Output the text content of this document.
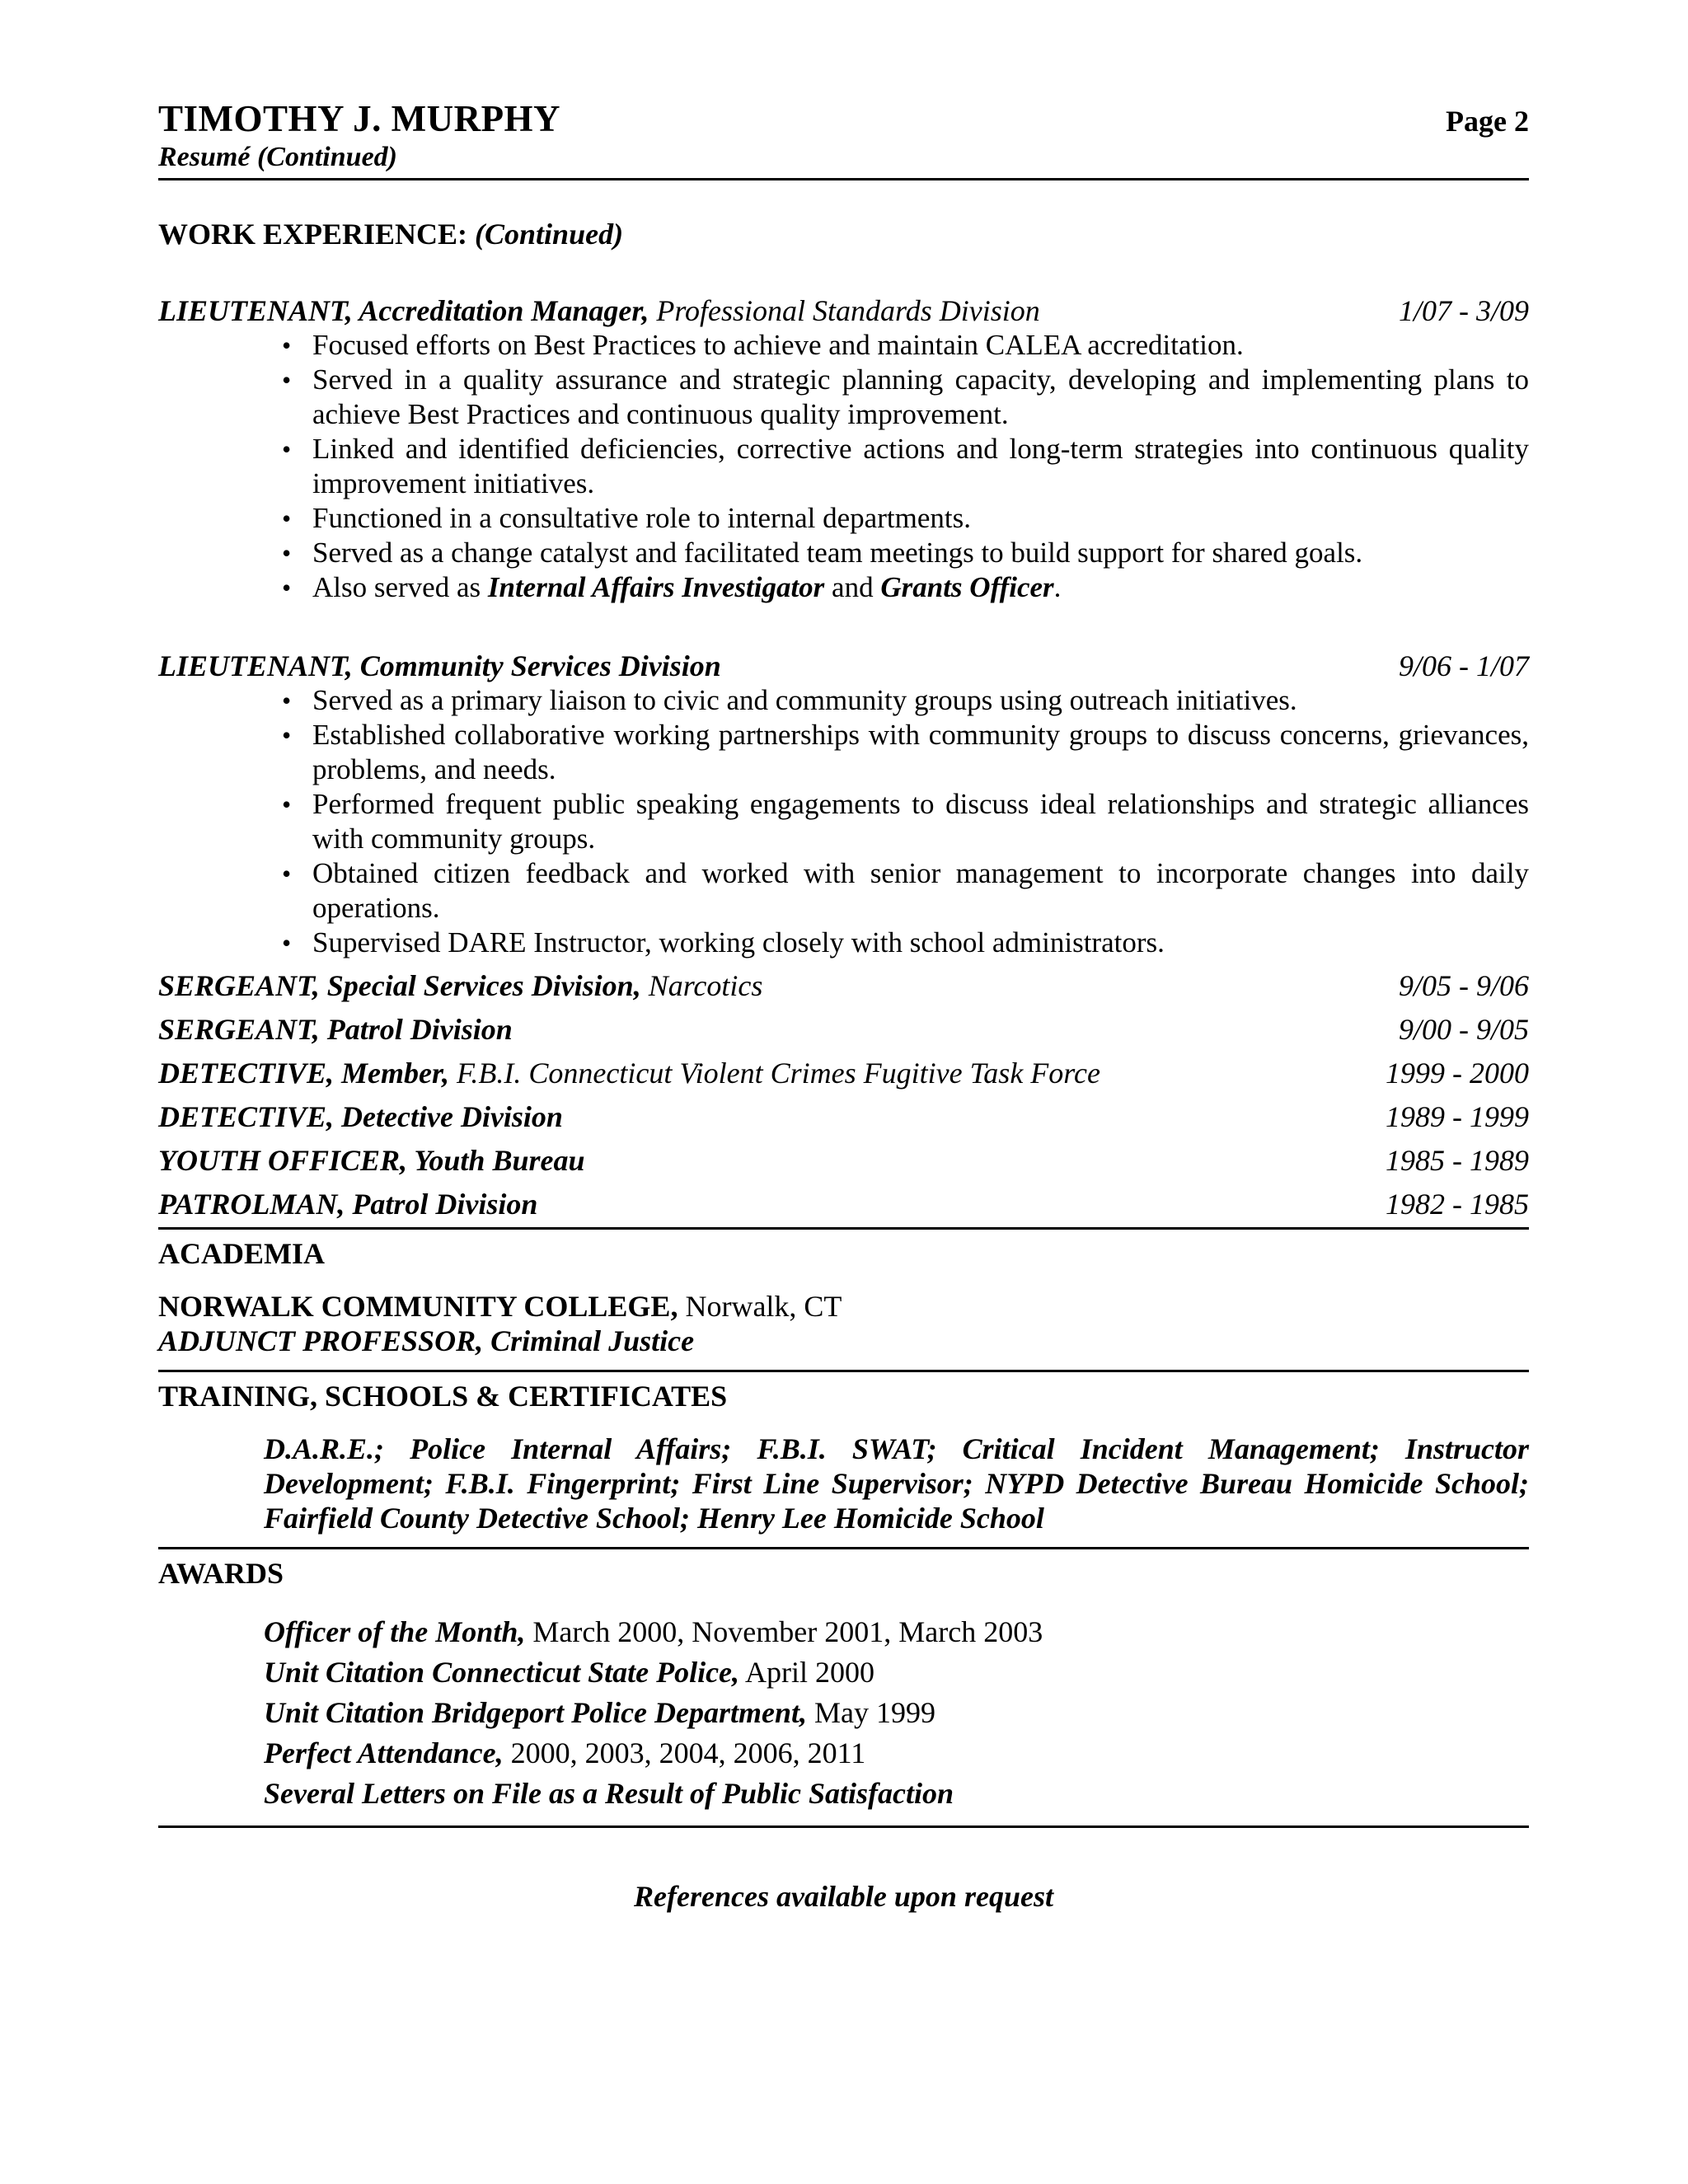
TIMOTHY J. MURPHY	Page 2
Resumé (Continued)
WORK EXPERIENCE: (Continued)
LIEUTENANT, Accreditation Manager, Professional Standards Division	1/07 - 3/09
• Focused efforts on Best Practices to achieve and maintain CALEA accreditation.
• Served in a quality assurance and strategic planning capacity, developing and implementing plans to achieve Best Practices and continuous quality improvement.
• Linked and identified deficiencies, corrective actions and long-term strategies into continuous quality improvement initiatives.
• Functioned in a consultative role to internal departments.
• Served as a change catalyst and facilitated team meetings to build support for shared goals.
• Also served as Internal Affairs Investigator and Grants Officer.
LIEUTENANT, Community Services Division	9/06 - 1/07
• Served as a primary liaison to civic and community groups using outreach initiatives.
• Established collaborative working partnerships with community groups to discuss concerns, grievances, problems, and needs.
• Performed frequent public speaking engagements to discuss ideal relationships and strategic alliances with community groups.
• Obtained citizen feedback and worked with senior management to incorporate changes into daily operations.
• Supervised DARE Instructor, working closely with school administrators.
SERGEANT, Special Services Division, Narcotics	9/05 - 9/06
SERGEANT, Patrol Division	9/00 - 9/05
DETECTIVE, Member, F.B.I. Connecticut Violent Crimes Fugitive Task Force	1999 - 2000
DETECTIVE, Detective Division	1989 - 1999
YOUTH OFFICER, Youth Bureau	1985 - 1989
PATROLMAN, Patrol Division	1982 - 1985
ACADEMIA
NORWALK COMMUNITY COLLEGE, Norwalk, CT
ADJUNCT PROFESSOR, Criminal Justice
TRAINING, SCHOOLS & CERTIFICATES
D.A.R.E.; Police Internal Affairs; F.B.I. SWAT; Critical Incident Management; Instructor Development; F.B.I. Fingerprint; First Line Supervisor; NYPD Detective Bureau Homicide School; Fairfield County Detective School; Henry Lee Homicide School
AWARDS
Officer of the Month, March 2000, November 2001, March 2003
Unit Citation Connecticut State Police, April 2000
Unit Citation Bridgeport Police Department, May 1999
Perfect Attendance, 2000, 2003, 2004, 2006, 2011
Several Letters on File as a Result of Public Satisfaction
References available upon request
